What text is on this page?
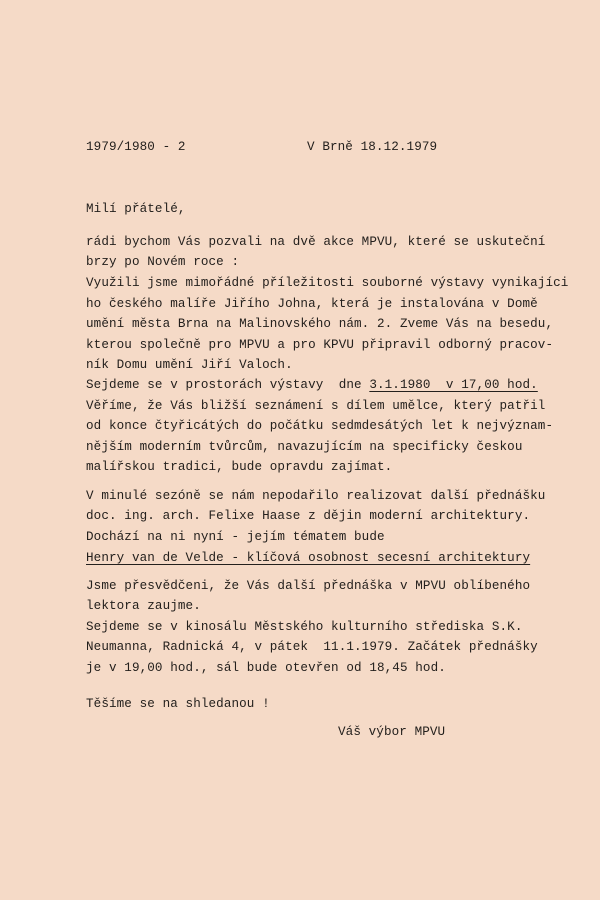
1979/1980 - 2	V Brně 18.12.1979
Milí přátelé,
rádi bychom Vás pozvali na dvě akce MPVU, které se uskuteční
brzy po Novém roce :
Využili jsme mimořádné příležitosti souborné výstavy vynikajíci
ho českého malíře Jiřího Johna, která je instalována v Domě
umění města Brna na Malinovského nám. 2. Zveme Vás na besedu,
kterou společně pro MPVU a pro KPVU připravil odborný pracov-
ník Domu umění Jiří Valoch.
Sejdeme se v prostorách výstavy  dne 3.1.1980  v 17,00 hod.
Věříme, že Vás bližší seznámení s dílem umělce, který patřil
od konce čtyřicátých do počátku sedmdesátých let k nejvýznam-
nějším moderním tvůrcům, navazujícím na specificky českou
malířskou tradici, bude opravdu zajímat.
V minulé sezóně se nám nepodařilo realizovat další přednášku
doc. ing. arch. Felixe Haase z dějin moderní architektury.
Dochází na ni nyní - jejím tématem bude
Henry van de Velde - klíčová osobnost secesní architektury
Jsme přesvědčeni, že Vás další přednáška v MPVU oblíbeného
lektora zaujme.
Sejdeme se v kinosálu Městského kulturního střediska S.K.
Neumanna, Radnická 4, v pátek  11.1.1979. Začátek přednášky
je v 19,00 hod., sál bude otevřen od 18,45 hod.
Těšíme se na shledanou !
Váš výbor MPVU
